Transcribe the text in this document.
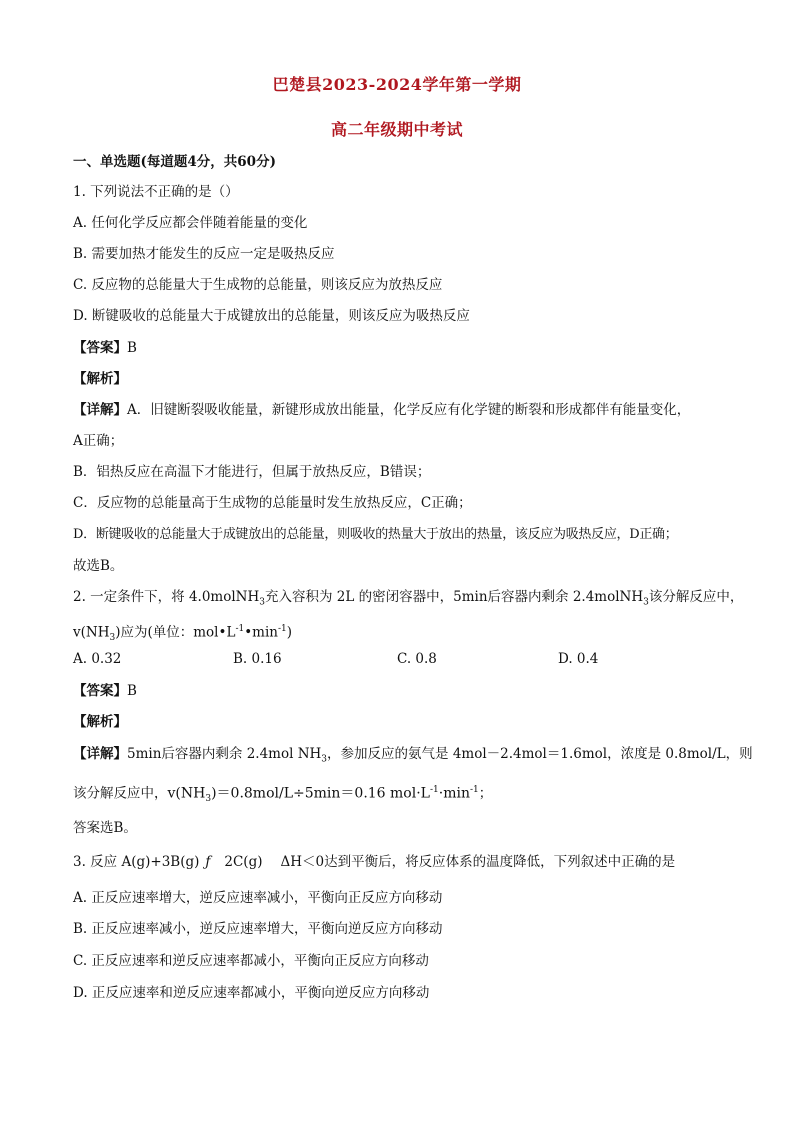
巴楚县2023-2024学年第一学期
高二年级期中考试
一、单选题(每道题4分，共60分)
1. 下列说法不正确的是（）
A. 任何化学反应都会伴随着能量的变化
B. 需要加热才能发生的反应一定是吸热反应
C. 反应物的总能量大于生成物的总能量，则该反应为放热反应
D. 断键吸收的总能量大于成键放出的总能量，则该反应为吸热反应
【答案】B
【解析】
【详解】A．旧键断裂吸收能量，新键形成放出能量，化学反应有化学键的断裂和形成都伴有能量变化，
A正确；
B．铝热反应在高温下才能进行，但属于放热反应，B错误；
C．反应物的总能量高于生成物的总能量时发生放热反应，C正确；
D．断键吸收的总能量大于成键放出的总能量，则吸收的热量大于放出的热量，该反应为吸热反应，D正确；
故选B。
2. 一定条件下，将 4.0molNH$_3$充入容积为 2L 的密闭容器中，5min后容器内剩余 2.4molNH$_3$该分解反应中，
$v(NH_3)$应为(单位：$mol•L^{-1}•\min^{-1}$)
A. 0.32	B. 0.16	C. 0.8	D. 0.4
【答案】B
【解析】
【详解】5min后容器内剩余 2.4mol $NH_3$，参加反应的氨气是 4mol－2.4mol＝1.6mol，浓度是 0.8mol/L，则
该分解反应中，$v(NH_3)=0.8mol/L\div 5\min=0.16$ $mol\cdot L^{-1}\cdot\min^{-1}$；
答案选B。
3. 反应 A(g)+3B(g) ƒ 2C(g) ΔH＜0达到平衡后，将反应体系的温度降低，下列叙述中正确的是
A. 正反应速率增大，逆反应速率减小，平衡向正反应方向移动
B. 正反应速率减小，逆反应速率增大，平衡向逆反应方向移动
C. 正反应速率和逆反应速率都减小，平衡向正反应方向移动
D. 正反应速率和逆反应速率都减小，平衡向逆反应方向移动
